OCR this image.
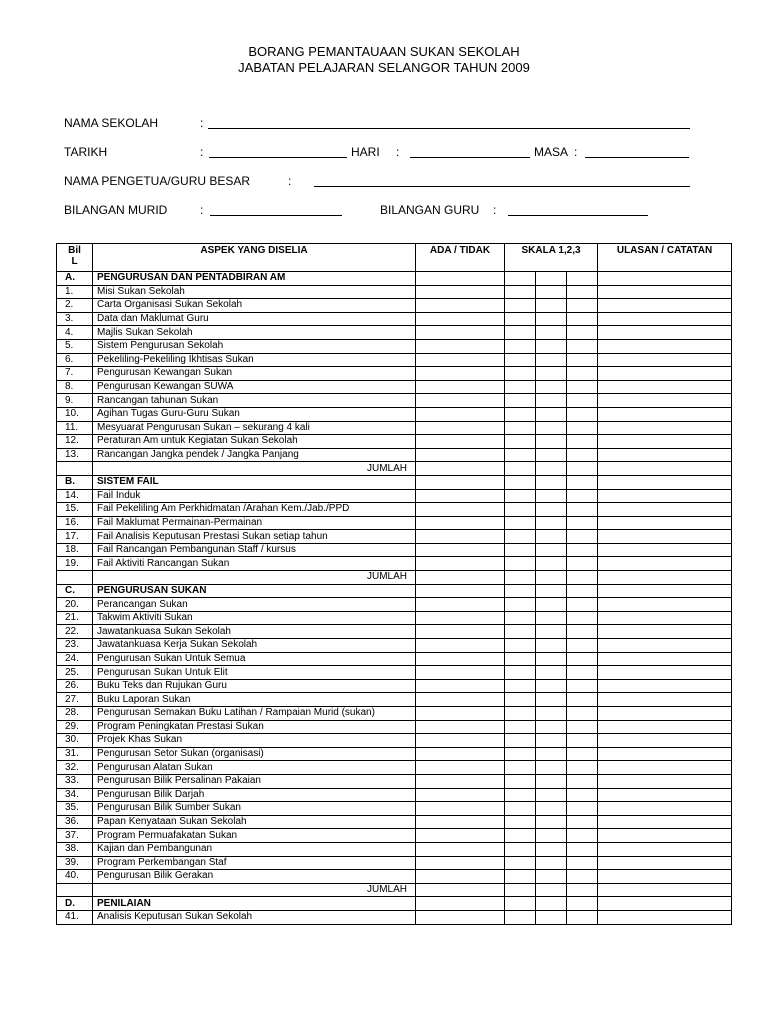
BORANG PEMANTAUAAN SUKAN SEKOLAH
JABATAN PELAJARAN SELANGOR TAHUN 2009
NAMA SEKOLAH	:
TARIKH	:	HARI :	MASA :
NAMA PENGETUA/GURU BESAR	:
BILANGAN MURID	:	BILANGAN GURU :
Bil
L	ASPEK YANG DISELIA	ADA / TIDAK	SKALA 1,2,3			ULASAN / CATATAN
A.	PENGURUSAN DAN PENTADBIRAN AM					
1.	Misi Sukan Sekolah					
2.	Carta Organisasi Sukan Sekolah					
3.	Data dan Maklumat Guru					
4.	Majlis Sukan Sekolah					
5.	Sistem Pengurusan Sekolah					
6.	Pekeliling-Pekeliling Ikhtisas Sukan					
7.	Pengurusan Kewangan Sukan					
8.	Pengurusan Kewangan SUWA					
9.	Rancangan tahunan Sukan					
10.	Agihan Tugas Guru-Guru Sukan					
11.	Mesyuarat Pengurusan Sukan – sekurang 4 kali					
12.	Peraturan Am untuk Kegiatan Sukan Sekolah					
13.	Rancangan Jangka pendek / Jangka Panjang					
	JUMLAH					
B.	SISTEM FAIL					
14.	Fail Induk					
15.	Fail Pekeliling Am Perkhidmatan /Arahan Kem./Jab./PPD					
16.	Fail Maklumat Permainan-Permainan					
17.	Fail Analisis Keputusan Prestasi Sukan setiap tahun					
18.	Fail Rancangan Pembangunan Staff / kursus					
19.	Fail Aktiviti Rancangan Sukan					
	JUMLAH					
C.	PENGURUSAN SUKAN					
20.	Perancangan Sukan					
21.	Takwim Aktiviti Sukan					
22.	Jawatankuasa Sukan Sekolah					
23.	Jawatankuasa Kerja Sukan Sekolah					
24.	Pengurusan Sukan Untuk Semua					
25.	Pengurusan Sukan Untuk Elit					
26.	Buku Teks dan Rujukan Guru					
27.	Buku Laporan Sukan					
28.	Pengurusan Semakan Buku Latihan / Rampaian Murid (sukan)					
29.	Program Peningkatan Prestasi Sukan					
30.	Projek Khas Sukan					
31.	Pengurusan Setor Sukan (organisasi)					
32.	Pengurusan Alatan Sukan					
33.	Pengurusan Bilik Persalinan Pakaian					
34.	Pengurusan Bilik Darjah					
35.	Pengurusan Bilik Sumber Sukan					
36.	Papan Kenyataan Sukan Sekolah					
37.	Program Permuafakatan Sukan					
38.	Kajian dan Pembangunan					
39.	Program Perkembangan Staf					
40.	Pengurusan Bilik Gerakan					
	JUMLAH					
D.	PENILAIAN					
41.	Analisis Keputusan Sukan Sekolah					
